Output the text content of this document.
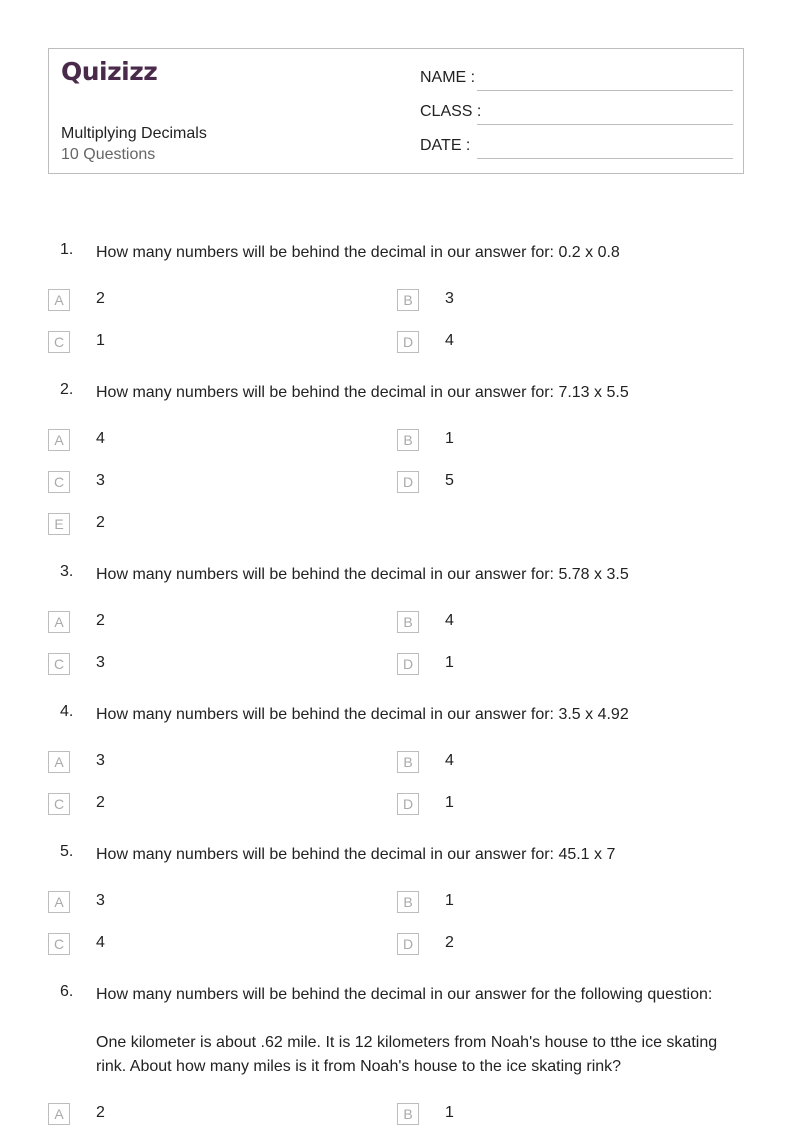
Quizizz
Multiplying Decimals
10 Questions
NAME :
CLASS :
DATE :
1. How many numbers will be behind the decimal in our answer for: 0.2 x 0.8

A	2	B	3
C	1	D	4
2. How many numbers will be behind the decimal in our answer for: 7.13 x 5.5

A	4	B	1
C	3	D	5
E	2
3. How many numbers will be behind the decimal in our answer for: 5.78 x 3.5

A	2	B	4
C	3	D	1
4. How many numbers will be behind the decimal in our answer for: 3.5 x 4.92

A	3	B	4
C	2	D	1
5. How many numbers will be behind the decimal in our answer for: 45.1 x 7

A	3	B	1
C	4	D	2
6. How many numbers will be behind the decimal in our answer for the following question:

One kilometer is about .62 mile. It is 12 kilometers from Noah's house to tthe ice skating rink. About how many miles is it from Noah's house to the ice skating rink?

A	2	B	1
